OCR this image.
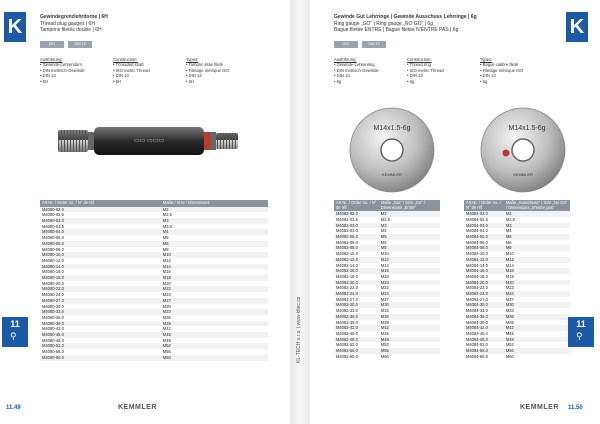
K	Gewindegrenzlehrdorne | 6H
Thread plug gauges | 6H
Tampons filetés double | 6H
ISO	DIN 13
Ausführung:
• Gewinde-Lehrendorn
• DIN metrisch-Gewinde
• DIN 13
• 6H
Construction:
• Threaded shaft
• ISO metric Thread
• DIN 13
• 6H
Types:
• Tampon lisse fileté
• Filetage métrique ISO
• DIN 13
• 6H
▭▭ ▭▭▭
Art.Nr. / Order no. / N° de réf.	Maße / Size / Dimensions
M4080-02.0	M2
M4080-02.5	M2,5
M4080-03.0	M3
M4080-03.5	M3,5
M4080-04.0	M4
M4080-05.0	M5
M4080-06.0	M6
M4080-08.0	M8
M4080-10.0	M10
M4080-12.0	M12
M4080-14.0	M14
M4080-16.0	M16
M4080-18.0	M18
M4080-20.0	M20
M4080-22.0	M22
M4080-24.0	M24
M4080-27.0	M27
M4080-30.0	M30
M4080-33.0	M33
M4080-36.0	M36
M4080-39.0	M39
M4080-42.0	M42
M4080-45.0	M45
M4080-48.0	M48
M4080-52.0	M52
M4080-56.0	M56
M4080-60.0	M60
11
⚲
11.49	KEMMLER
KL-TECH s.r.o. | www.kltec.cz
Gewinde Gut Lehrringe | Gewinde Ausschuss Lehrringe | 6g
Ring gauge „GO" | Ring gauge „NO GO" | 6g
Bague filetée ENTRE | Bague filetée N'ENTRE PAS | 6g	K
ISO	DIN 13
Ausführung:
• Gewinde-Lehrenring
• DIN metrisch-Gewinde
• DIN 13
• 6g
Construction:
• Thread ring
• ISO metric Thread
• DIN 13
• 6g
Types:
• Bague calibre fileté
• Filetage métrique ISO
• DIN 13
• 6g
M14x1.5-6g
KEMMLER
M14x1.5-6g
KEMMLER
Art.Nr. / Order no. / N° de réf.	Maße „Gut" / Size „Go" / Dimensions „Entre"
M4082-02.0	M2
M4082-02.5	M2,5
M4082-03.0	M3
M4082-04.0	M4
M4082-05.0	M5
M4082-06.0	M6
M4082-08.0	M8
M4082-10.0	M10
M4082-12.0	M12
M4082-14.0	M14
M4082-16.0	M16
M4082-18.0	M18
M4082-20.0	M20
M4082-22.0	M22
M4082-24.0	M24
M4082-27.0	M27
M4082-30.0	M30
M4082-33.0	M33
M4082-36.0	M36
M4082-39.0	M39
M4082-42.0	M42
M4082-45.0	M45
M4082-48.0	M48
M4082-52.0	M52
M4082-56.0	M56
M4082-60.0	M60
Art.Nr. / Order no. / N° de réf.	Maße „Ausschuss" / Size „No Go" / Dimensions „N'entre pas"
M4084-02.0	M2
M4084-02.5	M2,5
M4084-03.0	M3
M4084-04.0	M4
M4084-05.0	M5
M4084-06.0	M6
M4084-08.0	M8
M4084-10.0	M10
M4084-12.0	M12
M4084-14.0	M14
M4084-16.0	M16
M4084-18.0	M18
M4084-20.0	M20
M4084-22.0	M22
M4084-24.0	M24
M4084-27.0	M27
M4084-30.0	M30
M4084-33.0	M33
M4084-36.0	M36
M4084-39.0	M39
M4084-42.0	M42
M4084-45.0	M45
M4084-48.0	M48
M4084-52.0	M52
M4084-56.0	M56
M4084-60.0	M60
11
⚲
KEMMLER 11.50
